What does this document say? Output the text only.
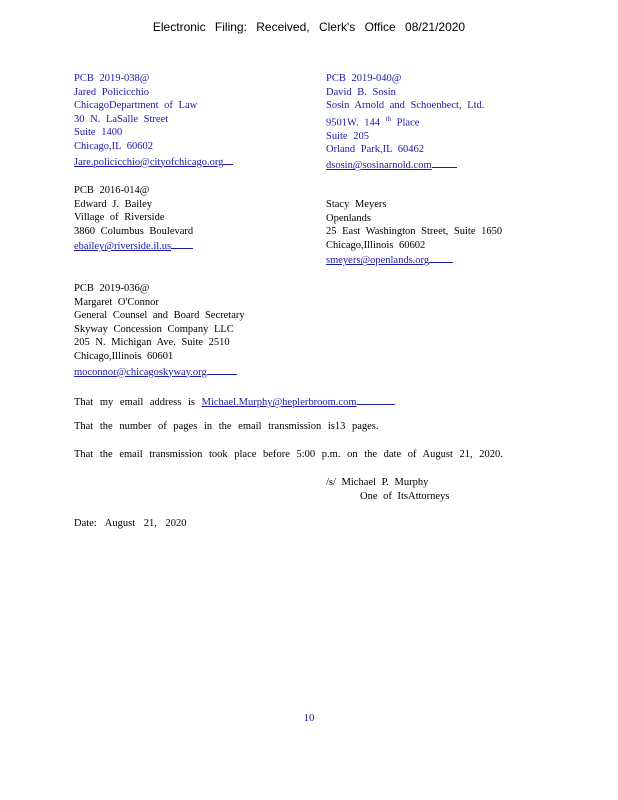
Electronic Filing: Received, Clerk's Office 08/21/2020
PCB 2019-038@
Jared Policicchio
ChicagoDepartment of Law
30 N. LaSalle Street
Suite 1400
Chicago,IL 60602
Jare.policicchio@cityofchicago.org
PCB 2019-040@
David B. Sosin
Sosin Arnold and Schoenbect, Ltd.
9501W. 144 $^{th}$ Place
Suite 205
Orland Park,IL 60462
dsosin@sosinarnold.com
PCB 2016-014@
Edward J. Bailey
Village of Riverside
3860 Columbus Boulevard
ebailey@riverside.il.us
Stacy Meyers
Openlands
25 East Washington Street, Suite 1650
Chicago,Illinois 60602
smeyers@openlands.org
PCB 2019-036@
Margaret O'Connor
General Counsel and Board Secretary
Skyway Concession Company LLC
205 N. Michigan Ave. Suite 2510
Chicago,Illinois 60601
moconnor@chicagoskyway.org
That my email address is Michael.Murphy@heplerbroom.com
That the number of pages in the email transmission is13 pages.
That the email transmission took place before 5:00 p.m. on the date of August 21, 2020.
/s/ Michael P. Murphy
One of ItsAttorneys
Date: August 21, 2020
10
